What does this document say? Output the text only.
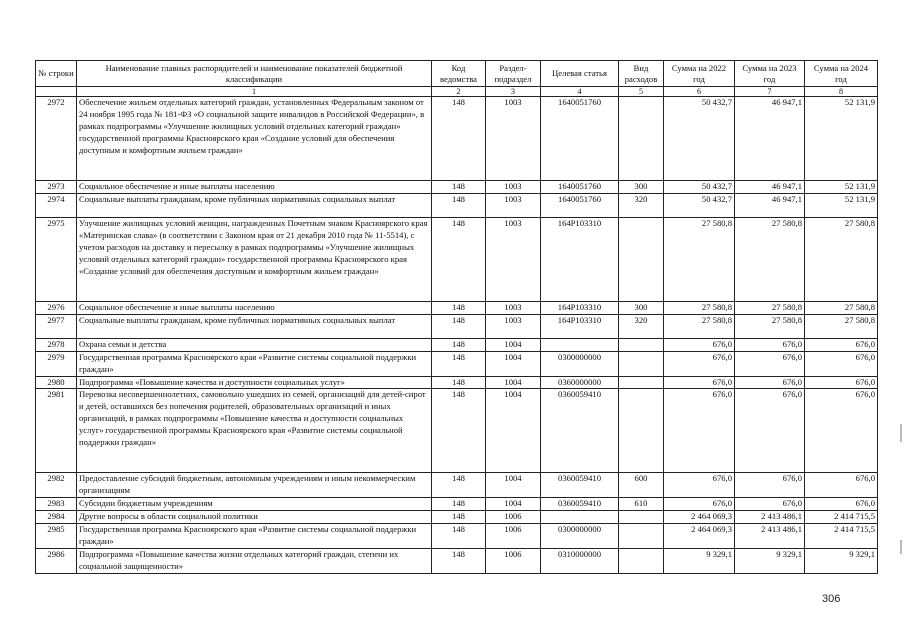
№ строки	Наименование главных распорядителей и наименование показателей бюджетной классификации	Код ведомства	Раздел-подраздел	Целевая статья	Вид расходов	Сумма на 2022 год	Сумма на 2023 год	Сумма на 2024 год
	1	2	3	4	5	6	7	8
2972	Обеспечение жильем отдельных категорий граждан, установленных Федеральным законом от 24 ноября 1995 года № 181-ФЗ «О социальной защите инвалидов в Российской Федерации», в рамках подпрограммы «Улучшение жилищных условий отдельных категорий граждан» государственной программы Красноярского края «Создание условий для обеспечения доступным и комфортным жильем граждан»	148	1003	1640051760		50 432,7	46 947,1	52 131,9
2973	Социальное обеспечение и иные выплаты населению	148	1003	1640051760	300	50 432,7	46 947,1	52 131,9
2974	Социальные выплаты гражданам, кроме публичных нормативных социальных выплат	148	1003	1640051760	320	50 432,7	46 947,1	52 131,9
2975	Улучшение жилищных условий женщин, награжденных Почетным знаком Красноярского края «Материнская слава» (в соответствии с Законом края от 21 декабря 2010 года № 11-5514), с учетом расходов на доставку и пересылку в рамках подпрограммы «Улучшение жилищных условий отдельных категорий граждан» государственной программы Красноярского края «Создание условий для обеспечения доступным и комфортным жильем граждан»	148	1003	164P103310		27 580,8	27 580,8	27 580,8
2976	Социальное обеспечение и иные выплаты населению	148	1003	164P103310	300	27 580,8	27 580,8	27 580,8
2977	Социальные выплаты гражданам, кроме публичных нормативных социальных выплат	148	1003	164P103310	320	27 580,8	27 580,8	27 580,8
2978	Охрана семьи и детства	148	1004			676,0	676,0	676,0
2979	Государственная программа Красноярского края «Развитие системы социальной поддержки граждан»	148	1004	0300000000		676,0	676,0	676,0
2980	Подпрограмма «Повышение качества и доступности социальных услуг»	148	1004	0360000000		676,0	676,0	676,0
2981	Перевозка несовершеннолетних, самовольно ушедших из семей, организаций для детей-сирот и детей, оставшихся без попечения родителей, образовательных организаций и иных организаций, в рамках подпрограммы «Повышение качества и доступности социальных услуг» государственной программы Красноярского края «Развитие системы социальной поддержки граждан»	148	1004	0360059410		676,0	676,0	676,0
2982	Предоставление субсидий бюджетным, автономным учреждениям и иным некоммерческим организациям	148	1004	0360059410	600	676,0	676,0	676,0
2983	Субсидии бюджетным учреждениям	148	1004	0360059410	610	676,0	676,0	676,0
2984	Другие вопросы в области социальной политики	148	1006			2 464 069,3	2 413 486,1	2 414 715,5
2985	Государственная программа Красноярского края «Развитие системы социальной поддержки граждан»	148	1006	0300000000		2 464 069,3	2 413 486,1	2 414 715,5
2986	Подпрограмма «Повышение качества жизни отдельных категорий граждан, степени их социальной защищенности»	148	1006	0310000000		9 329,1	9 329,1	9 329,1
306
